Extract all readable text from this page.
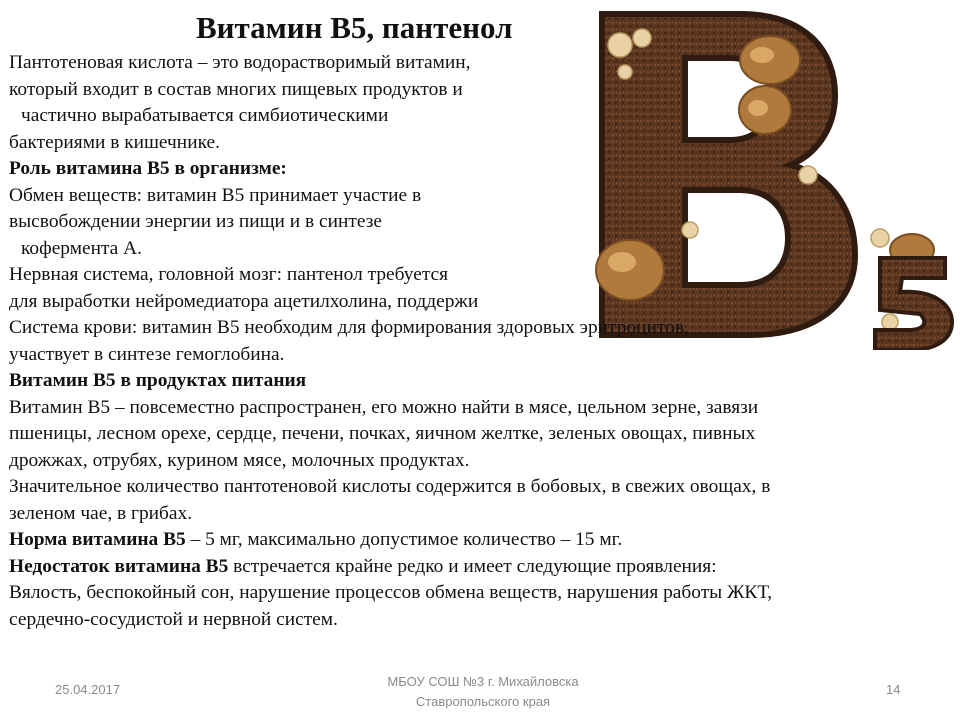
Витамин В5, пантенол
Пантотеновая кислота – это водорастворимый витамин,
который входит в состав многих пищевых продуктов и
частично вырабатывается симбиотическими
бактериями в кишечнике.
Роль витамина В5 в организме:
Обмен веществ: витамин В5 принимает участие в
высвобождении энергии из пищи и в синтезе
кофермента А.
Нервная система, головной мозг: пантенол требуется
для выработки нейромедиатора ацетилхолина, поддержи
Система крови: витамин В5 необходим для формирования здоровых эритроцитов,
участвует в синтезе гемоглобина.
Витамин В5 в продуктах питания
Витамин В5 – повсеместно распространен, его можно найти в мясе, цельном зерне, завязи
пшеницы, лесном орехе, сердце, печени, почках, яичном желтке, зеленых овощах, пивных
дрожжах, отрубях, курином мясе, молочных продуктах.
Значительное количество пантотеновой кислоты содержится в бобовых, в свежих овощах, в
зеленом чае, в грибах.
Норма витамина В5 – 5 мг, максимально допустимое количество – 15 мг.
Недостаток витамина В5 встречается крайне редко и имеет следующие проявления:
Вялость, беспокойный сон, нарушение процессов обмена веществ, нарушения работы ЖКТ,
сердечно-сосудистой и нервной систем.
25.04.2017
МБОУ СОШ №3 г. Михайловска
Ставропольского края
14
